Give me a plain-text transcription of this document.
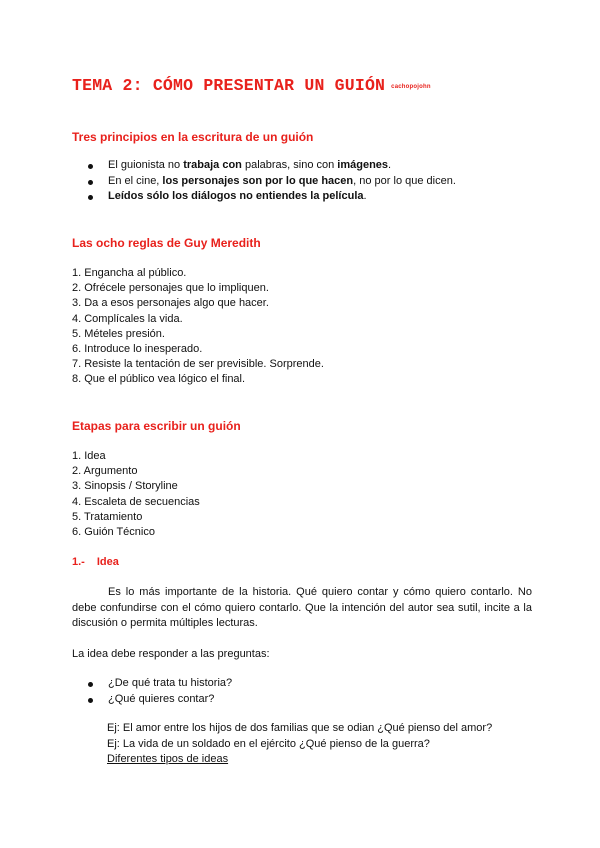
TEMA 2: CÓMO PRESENTAR UN GUIÓN cachopojohn
Tres principios en la escritura de un guión
El guionista no trabaja con palabras, sino con imágenes.
En el cine, los personajes son por lo que hacen, no por lo que dicen.
Leídos sólo los diálogos no entiendes la película.
Las ocho reglas de Guy Meredith
1. Engancha al público.
2. Ofrécele personajes que lo impliquen.
3. Da a esos personajes algo que hacer.
4. Complícales la vida.
5. Mételes presión.
6. Introduce lo inesperado.
7. Resiste la tentación de ser previsible. Sorprende.
8. Que el público vea lógico el final.
Etapas para escribir un guión
1. Idea
2. Argumento
3. Sinopsis / Storyline
4. Escaleta de secuencias
5. Tratamiento
6. Guión Técnico
1.- Idea
Es lo más importante de la historia. Qué quiero contar y cómo quiero contarlo. No debe confundirse con el cómo quiero contarlo. Que la intención del autor sea sutil, incite a la discusión o permita múltiples lecturas.
La idea debe responder a las preguntas:
¿De qué trata tu historia?
¿Qué quieres contar?
Ej: El amor entre los hijos de dos familias que se odian ¿Qué pienso del amor?
Ej: La vida de un soldado en el ejército ¿Qué pienso de la guerra?
Diferentes tipos de ideas
